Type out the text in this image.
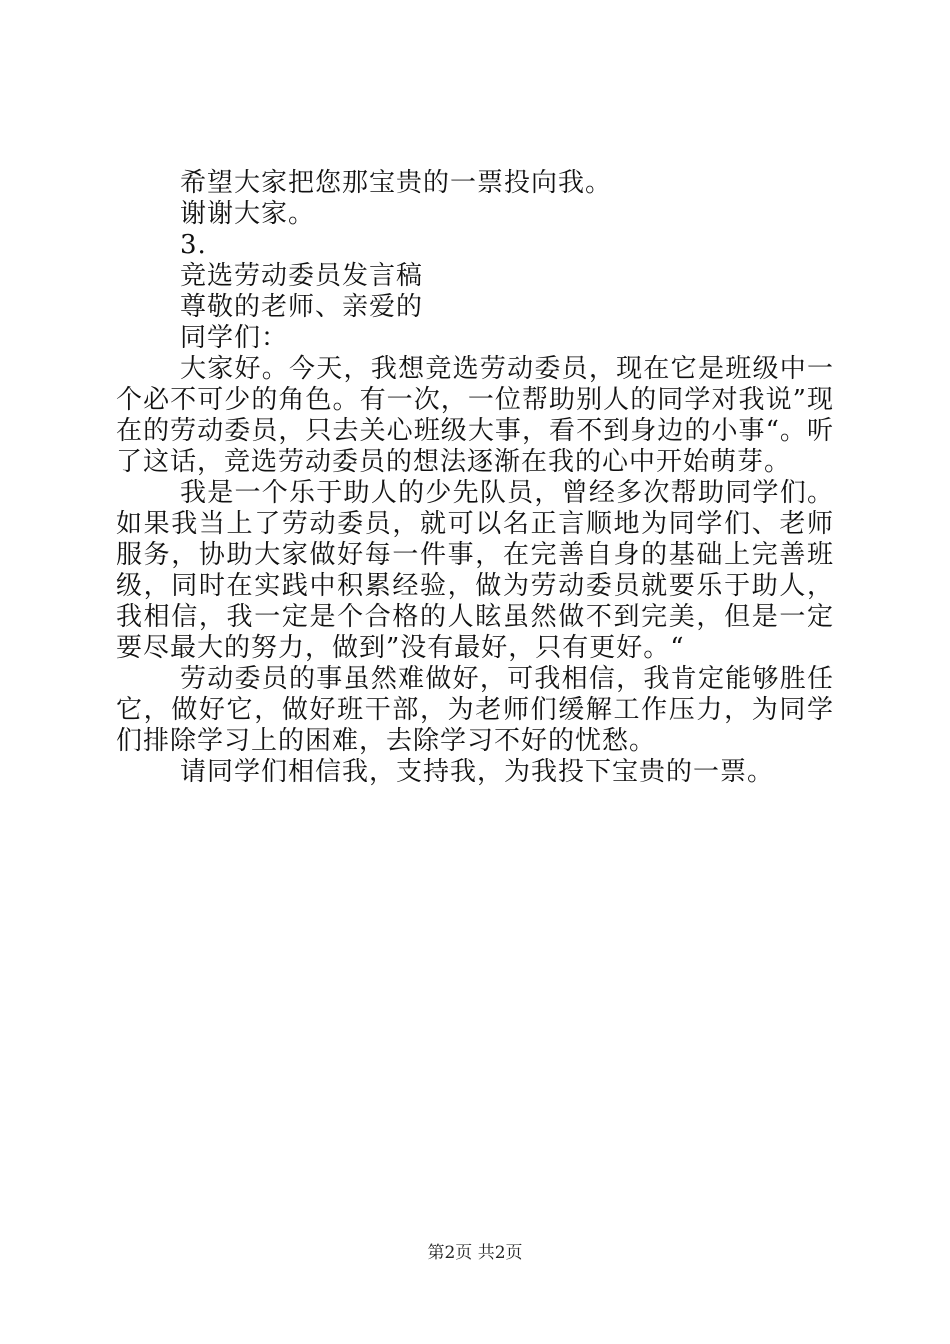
希望大家把您那宝贵的一票投向我。
谢谢大家。
3.
竞选劳动委员发言稿
尊敬的老师、亲爱的
同学们：

大家好。今天，我想竞选劳动委员，现在它是班级中一个必不可少的角色。有一次，一位帮助别人的同学对我说”现在的劳动委员，只去关心班级大事，看不到身边的小事“。听了这话，竞选劳动委员的想法逐渐在我的心中开始萌芽。

我是一个乐于助人的少先队员，曾经多次帮助同学们。如果我当上了劳动委员，就可以名正言顺地为同学们、老师服务，协助大家做好每一件事，在完善自身的基础上完善班级，同时在实践中积累经验，做为劳动委员就要乐于助人，我相信，我一定是个合格的人眩虽然做不到完美，但是一定要尽最大的努力，做到”没有最好，只有更好。“

劳动委员的事虽然难做好，可我相信，我肯定能够胜任它，做好它，做好班干部，为老师们缓解工作压力，为同学们排除学习上的困难，去除学习不好的忧愁。

请同学们相信我，支持我，为我投下宝贵的一票。

第2页 共2页
